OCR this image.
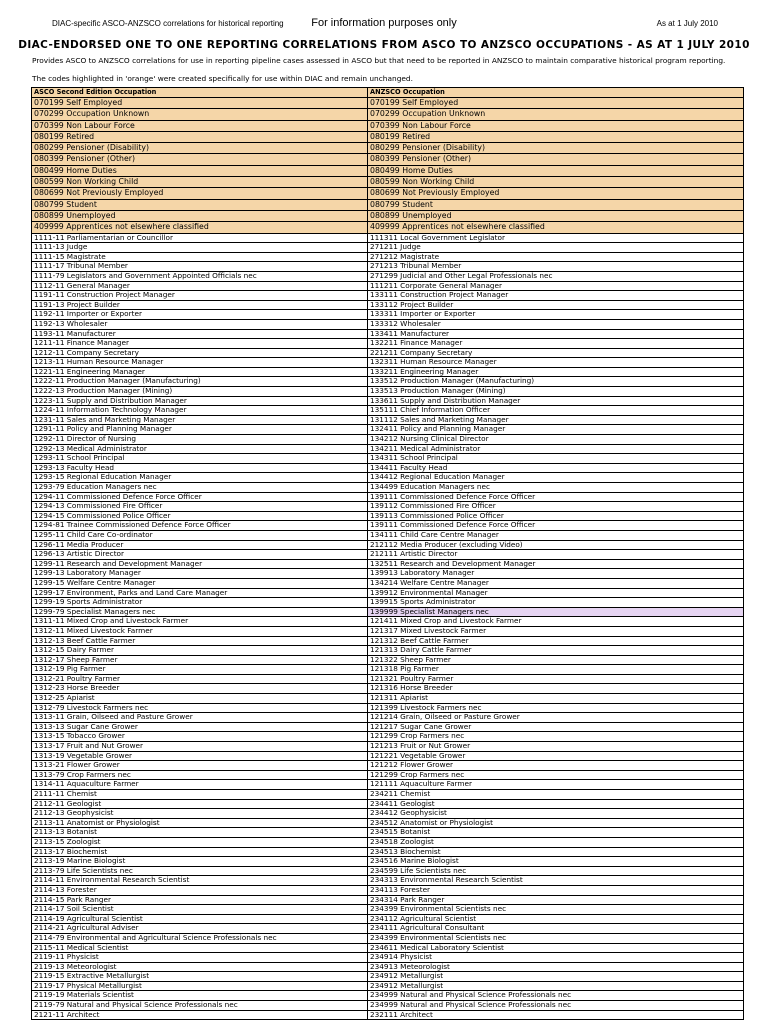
DIAC-specific ASCO-ANZSCO correlations for historical reporting	For information purposes only	As at 1 July 2010
DIAC-ENDORSED ONE TO ONE REPORTING CORRELATIONS FROM ASCO TO ANZSCO OCCUPATIONS - AS AT 1 JULY 2010
Provides ASCO to ANZSCO correlations for use in reporting pipeline cases assessed in ASCO but that need to be reported in ANZSCO to maintain comparative historical program reporting.
The codes highlighted in 'orange' were created specifically for use within DIAC and remain unchanged.
ASCO Second Edition Occupation	ANZSCO Occupation
070199 Self Employed	070199 Self Employed
070299 Occupation Unknown	070299 Occupation Unknown
070399 Non Labour Force	070399 Non Labour Force
080199 Retired	080199 Retired
080299 Pensioner (Disability)	080299 Pensioner (Disability)
080399 Pensioner (Other)	080399 Pensioner (Other)
080499 Home Duties	080499 Home Duties
080599 Non Working Child	080599 Non Working Child
080699 Not Previously Employed	080699 Not Previously Employed
080799 Student	080799 Student
080899 Unemployed	080899 Unemployed
409999 Apprentices not elsewhere classified	409999 Apprentices not elsewhere classified
1111-11 Parliamentarian or Councillor	111311 Local Government Legislator
1111-13 Judge	271211 Judge
1111-15 Magistrate	271212 Magistrate
1111-17 Tribunal Member	271213 Tribunal Member
1111-79 Legislators and Government Appointed Officials nec	271299 Judicial and Other Legal Professionals nec
1112-11 General Manager	111211 Corporate General Manager
1191-11 Construction Project Manager	133111 Construction Project Manager
1191-13 Project Builder	133112 Project Builder
1192-11 Importer or Exporter	133311 Importer or Exporter
1192-13 Wholesaler	133312 Wholesaler
1193-11 Manufacturer	133411 Manufacturer
1211-11 Finance Manager	132211 Finance Manager
1212-11 Company Secretary	221211 Company Secretary
1213-11 Human Resource Manager	132311 Human Resource Manager
1221-11 Engineering Manager	133211 Engineering Manager
1222-11 Production Manager (Manufacturing)	133512 Production Manager (Manufacturing)
1222-13 Production Manager (Mining)	133513 Production Manager (Mining)
1223-11 Supply and Distribution Manager	133611 Supply and Distribution Manager
1224-11 Information Technology Manager	135111 Chief Information Officer
1231-11 Sales and Marketing Manager	131112 Sales and Marketing Manager
1291-11 Policy and Planning Manager	132411 Policy and Planning Manager
1292-11 Director of Nursing	134212 Nursing Clinical Director
1292-13 Medical Administrator	134211 Medical Administrator
1293-11 School Principal	134311 School Principal
1293-13 Faculty Head	134411 Faculty Head
1293-15 Regional Education Manager	134412 Regional Education Manager
1293-79 Education Managers nec	134499 Education Managers nec
1294-11 Commissioned Defence Force Officer	139111 Commissioned Defence Force Officer
1294-13 Commissioned Fire Officer	139112 Commissioned Fire Officer
1294-15 Commissioned Police Officer	139113 Commissioned Police Officer
1294-81 Trainee Commissioned Defence Force Officer	139111 Commissioned Defence Force Officer
1295-11 Child Care Co-ordinator	134111 Child Care Centre Manager
1296-11 Media Producer	212112 Media Producer (excluding Video)
1296-13 Artistic Director	212111 Artistic Director
1299-11 Research and Development Manager	132511 Research and Development Manager
1299-13 Laboratory Manager	139913 Laboratory Manager
1299-15 Welfare Centre Manager	134214 Welfare Centre Manager
1299-17 Environment, Parks and Land Care Manager	139912 Environmental Manager
1299-19 Sports Administrator	139915 Sports Administrator
1299-79 Specialist Managers nec	139999 Specialist Managers nec
1311-11 Mixed Crop and Livestock Farmer	121411 Mixed Crop and Livestock Farmer
1312-11 Mixed Livestock Farmer	121317 Mixed Livestock Farmer
1312-13 Beef Cattle Farmer	121312 Beef Cattle Farmer
1312-15 Dairy Farmer	121313 Dairy Cattle Farmer
1312-17 Sheep Farmer	121322 Sheep Farmer
1312-19 Pig Farmer	121318 Pig Farmer
1312-21 Poultry Farmer	121321 Poultry Farmer
1312-23 Horse Breeder	121316 Horse Breeder
1312-25 Apiarist	121311 Apiarist
1312-79 Livestock Farmers nec	121399 Livestock Farmers nec
1313-11 Grain, Oilseed and Pasture Grower	121214 Grain, Oilseed or Pasture Grower
1313-13 Sugar Cane Grower	121217 Sugar Cane Grower
1313-15 Tobacco Grower	121299 Crop Farmers nec
1313-17 Fruit and Nut Grower	121213 Fruit or Nut Grower
1313-19 Vegetable Grower	121221 Vegetable Grower
1313-21 Flower Grower	121212 Flower Grower
1313-79 Crop Farmers nec	121299 Crop Farmers nec
1314-11 Aquaculture Farmer	121111 Aquaculture Farmer
2111-11 Chemist	234211 Chemist
2112-11 Geologist	234411 Geologist
2112-13 Geophysicist	234412 Geophysicist
2113-11 Anatomist or Physiologist	234512 Anatomist or Physiologist
2113-13 Botanist	234515 Botanist
2113-15 Zoologist	234518 Zoologist
2113-17 Biochemist	234513 Biochemist
2113-19 Marine Biologist	234516 Marine Biologist
2113-79 Life Scientists nec	234599 Life Scientists nec
2114-11 Environmental Research Scientist	234313 Environmental Research Scientist
2114-13 Forester	234113 Forester
2114-15 Park Ranger	234314 Park Ranger
2114-17 Soil Scientist	234399 Environmental Scientists nec
2114-19 Agricultural Scientist	234112 Agricultural Scientist
2114-21 Agricultural Adviser	234111 Agricultural Consultant
2114-79 Environmental and Agricultural Science Professionals nec	234399 Environmental Scientists nec
2115-11 Medical Scientist	234611 Medical Laboratory Scientist
2119-11 Physicist	234914 Physicist
2119-13 Meteorologist	234913 Meteorologist
2119-15 Extractive Metallurgist	234912 Metallurgist
2119-17 Physical Metallurgist	234912 Metallurgist
2119-19 Materials Scientist	234999 Natural and Physical Science Professionals nec
2119-79 Natural and Physical Science Professionals nec	234999 Natural and Physical Science Professionals nec
2121-11 Architect	232111 Architect
